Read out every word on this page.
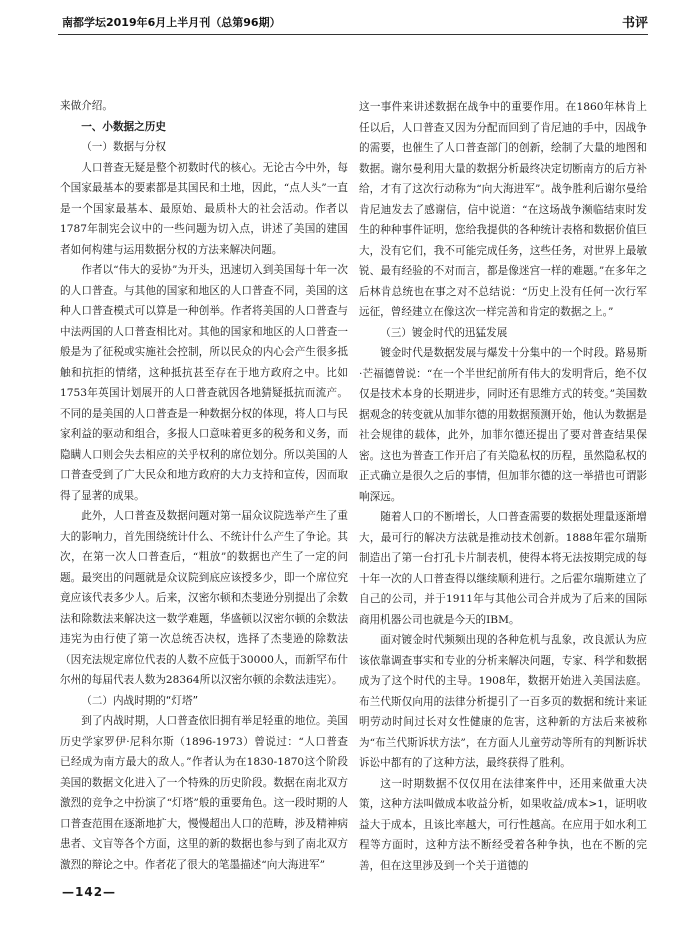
南都学坛2019年6月上半月刊（总第96期）	书评

来做介绍。

一、小数据之历史

（一）数据与分权

人口普查无疑是整个初数时代的核心。无论古今中外，每个国家最基本的要素都是其国民和土地，因此，“点人头”一直是一个国家最基本、最原始、最质朴大的社会活动。作者以1787年制宪会议中的一些问题为切入点，讲述了美国的建国者如何构建与运用数据分权的方法来解决问题。

作者以“伟大的妥协”为开头，迅速切入到美国每十年一次的人口普查。与其他的国家和地区的人口普查不同，美国的这种人口普查模式可以算是一种创举。作者将美国的人口普查与中法两国的人口普查相比对。其他的国家和地区的人口普查一般是为了征税或实施社会控制，所以民众的内心会产生很多抵触和抗拒的情绪，这种抵抗甚至存在于地方政府之中。比如1753年英国计划展开的人口普查就因各地猜疑抵抗而流产。不同的是美国的人口普查是一种数据分权的体现，将人口与民家利益的驱动和组合，多报人口意味着更多的税务和义务，而隐瞒人口则会失去相应的关乎权利的席位划分。所以美国的人口普查受到了广大民众和地方政府的大力支持和宣传，因而取得了显著的成果。

此外，人口普查及数据问题对第一届众议院选举产生了重大的影响力，首先围绕统计什么、不统计什么产生了争论。其次，在第一次人口普查后，“粗放”的数据也产生了一定的问题。最突出的问题就是众议院到底应该授多少，即一个席位究竟应该代表多少人。后来，汉密尔顿和杰斐逊分别提出了余数法和除数法来解决这一数学难题，华盛顿以汉密尔顿的余数法违宪为由行使了第一次总统否决权，选择了杰斐逊的除数法（因充法规定席位代表的人数不应低于30000人，而新罕布什尔州的每届代表人数为28364所以汉密尔顿的余数法违宪）。

（二）内战时期的“灯塔”

到了内战时期，人口普查依旧拥有举足轻重的地位。美国历史学家罗伊·尼科尔斯（1896-1973）曾说过：“人口普查已经成为南方最大的敌人。”作者认为在1830-1870这个阶段美国的数据文化进入了一个特殊的历史阶段。数据在南北双方激烈的竞争之中扮演了“灯塔”般的重要角色。这一段时期的人口普查范围在逐渐地扩大，慢慢超出人口的范畴，涉及精神病患者、文盲等各个方面，这里的新的数据也参与到了南北双方激烈的辩论之中。作者花了很大的笔墨描述“向大海进军”

这一事件来讲述数据在战争中的重要作用。在1860年林肯上任以后，人口普查又因为分配而回到了肯尼迪的手中，因战争的需要，也催生了人口普查部门的创新，绘制了大量的地图和数据。谢尔曼利用大量的数据分析最终决定切断南方的后方补给，才有了这次行动称为“向大海进军”。战争胜利后谢尔曼给肯尼迪发去了感谢信，信中说道：“在这场战争濒临结束时发生的种种事件证明，您给我提供的各种统计表格和数据价值巨大，没有它们，我不可能完成任务，这些任务，对世界上最敏锐、最有经验的不对而言，都是像迷宫一样的难题。”在多年之后林肯总统也在事之对不总结说：“历史上没有任何一次行军远征，曾经建立在像这次一样完善和肯定的数据之上。”

（三）镀金时代的迅猛发展

镀金时代是数据发展与爆发十分集中的一个时段。路易斯·芒福德曾说：“在一个半世纪前所有伟大的发明背后，绝不仅仅是技术本身的长期进步，同时还有思维方式的转变。”美国数据观念的转变就从加菲尔德的用数据预测开始，他认为数据是社会规律的载体，此外，加菲尔德还提出了要对普查结果保密。这也为普查工作开启了有关隐私权的历程，虽然隐私权的正式确立是很久之后的事情，但加菲尔德的这一举措也可谓影响深远。

随着人口的不断增长，人口普查需要的数据处理量逐渐增大，最可行的解决方法就是推动技术创新。1888年霍尔瑞斯制造出了第一台打孔卡片制表机，使得本将无法按期完成的每十年一次的人口普查得以继续顺利进行。之后霍尔瑞斯建立了自己的公司，并于1911年与其他公司合并成为了后来的国际商用机器公司也就是今天的IBM。

面对镀金时代频频出现的各种危机与乱象，改良派认为应该依靠调查事实和专业的分析来解决问题，专家、科学和数据成为了这个时代的主导。1908年，数据开始进入美国法庭。布兰代斯仅向用的法律分析提引了一百多页的数据和统计来证明劳动时间过长对女性健康的危害，这种新的方法后来被称为“布兰代斯诉状方法”，在方面人儿童劳动等所有的判断诉状诉讼中都有的了这种方法，最终获得了胜利。

这一时期数据不仅仅用在法律案件中，还用来做重大决策，这种方法叫做成本收益分析，如果收益/成本>1，证明收益大于成本，且该比率越大，可行性越高。在应用于如水利工程等方面时，这种方法不断经受着各种争执，也在不断的完善，但在这里涉及到一个关于道德的

—142—
